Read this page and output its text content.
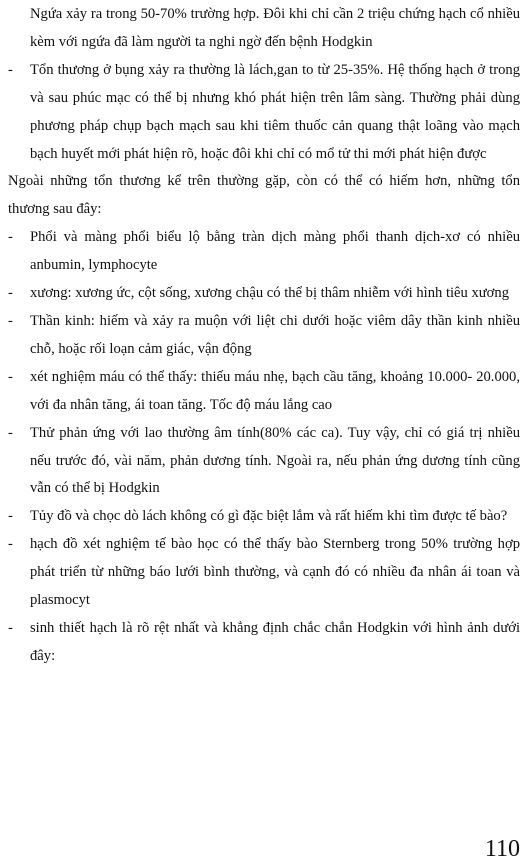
Ngứa xảy ra trong 50-70% trường hợp. Đôi khi chỉ cần 2 triệu chứng hạch cổ nhiều kèm với ngứa đã làm người ta nghi ngờ đến bệnh Hodgkin

-	Tổn thương ở bụng xảy ra thường là lách,gan to từ 25-35%. Hệ thống hạch ở trong và sau phúc mạc có thể bị nhưng khó phát hiện trên lâm sàng. Thường phải dùng phương pháp chụp bạch mạch sau khi tiêm thuốc cản quang thật loãng vào mạch bạch huyết mới phát hiện rõ, hoặc đôi khi chỉ có mổ tử thi mới phát hiện được

Ngoài những tổn thương kể trên thường gặp, còn có thể có hiếm hơn, những tổn thương sau đây:

-	Phổi và màng phổi biểu lộ bằng tràn dịch màng phổi thanh dịch-xơ có nhiều anbumin, lymphocyte

-	xương: xương ức, cột sống, xương chậu có thể bị thâm nhiễm với hình tiêu xương

-	Thần kinh: hiếm và xảy ra muộn với liệt chi dưới hoặc viêm dây thần kinh nhiều chỗ, hoặc rối loạn cảm giác, vận động

-	xét nghiệm máu có thể thấy: thiếu máu nhẹ, bạch cầu tăng, khoảng 10.000- 20.000, với đa nhân tăng, ái toan tăng. Tốc độ máu lắng cao

-	Thử phản ứng với lao thường âm tính(80% các ca). Tuy vậy, chỉ có giá trị nhiều nếu trước đó, vài năm, phản dương tính. Ngoài ra, nếu phản ứng dương tính cũng vẫn có thể bị Hodgkin

-	Tủy đồ và chọc dò lách không có gì đặc biệt lắm và rất hiếm khi tìm được tế bào?

-	hạch đồ xét nghiệm tế bào học có thể thấy bào Sternberg trong 50% trường hợp phát triển từ những báo lưới bình thường, và cạnh đó có nhiều đa nhân ái toan và plasmocyt

-	sinh thiết hạch là rõ rệt nhất và khẳng định chắc chắn Hodgkin với hình ảnh dưới đây:

110
